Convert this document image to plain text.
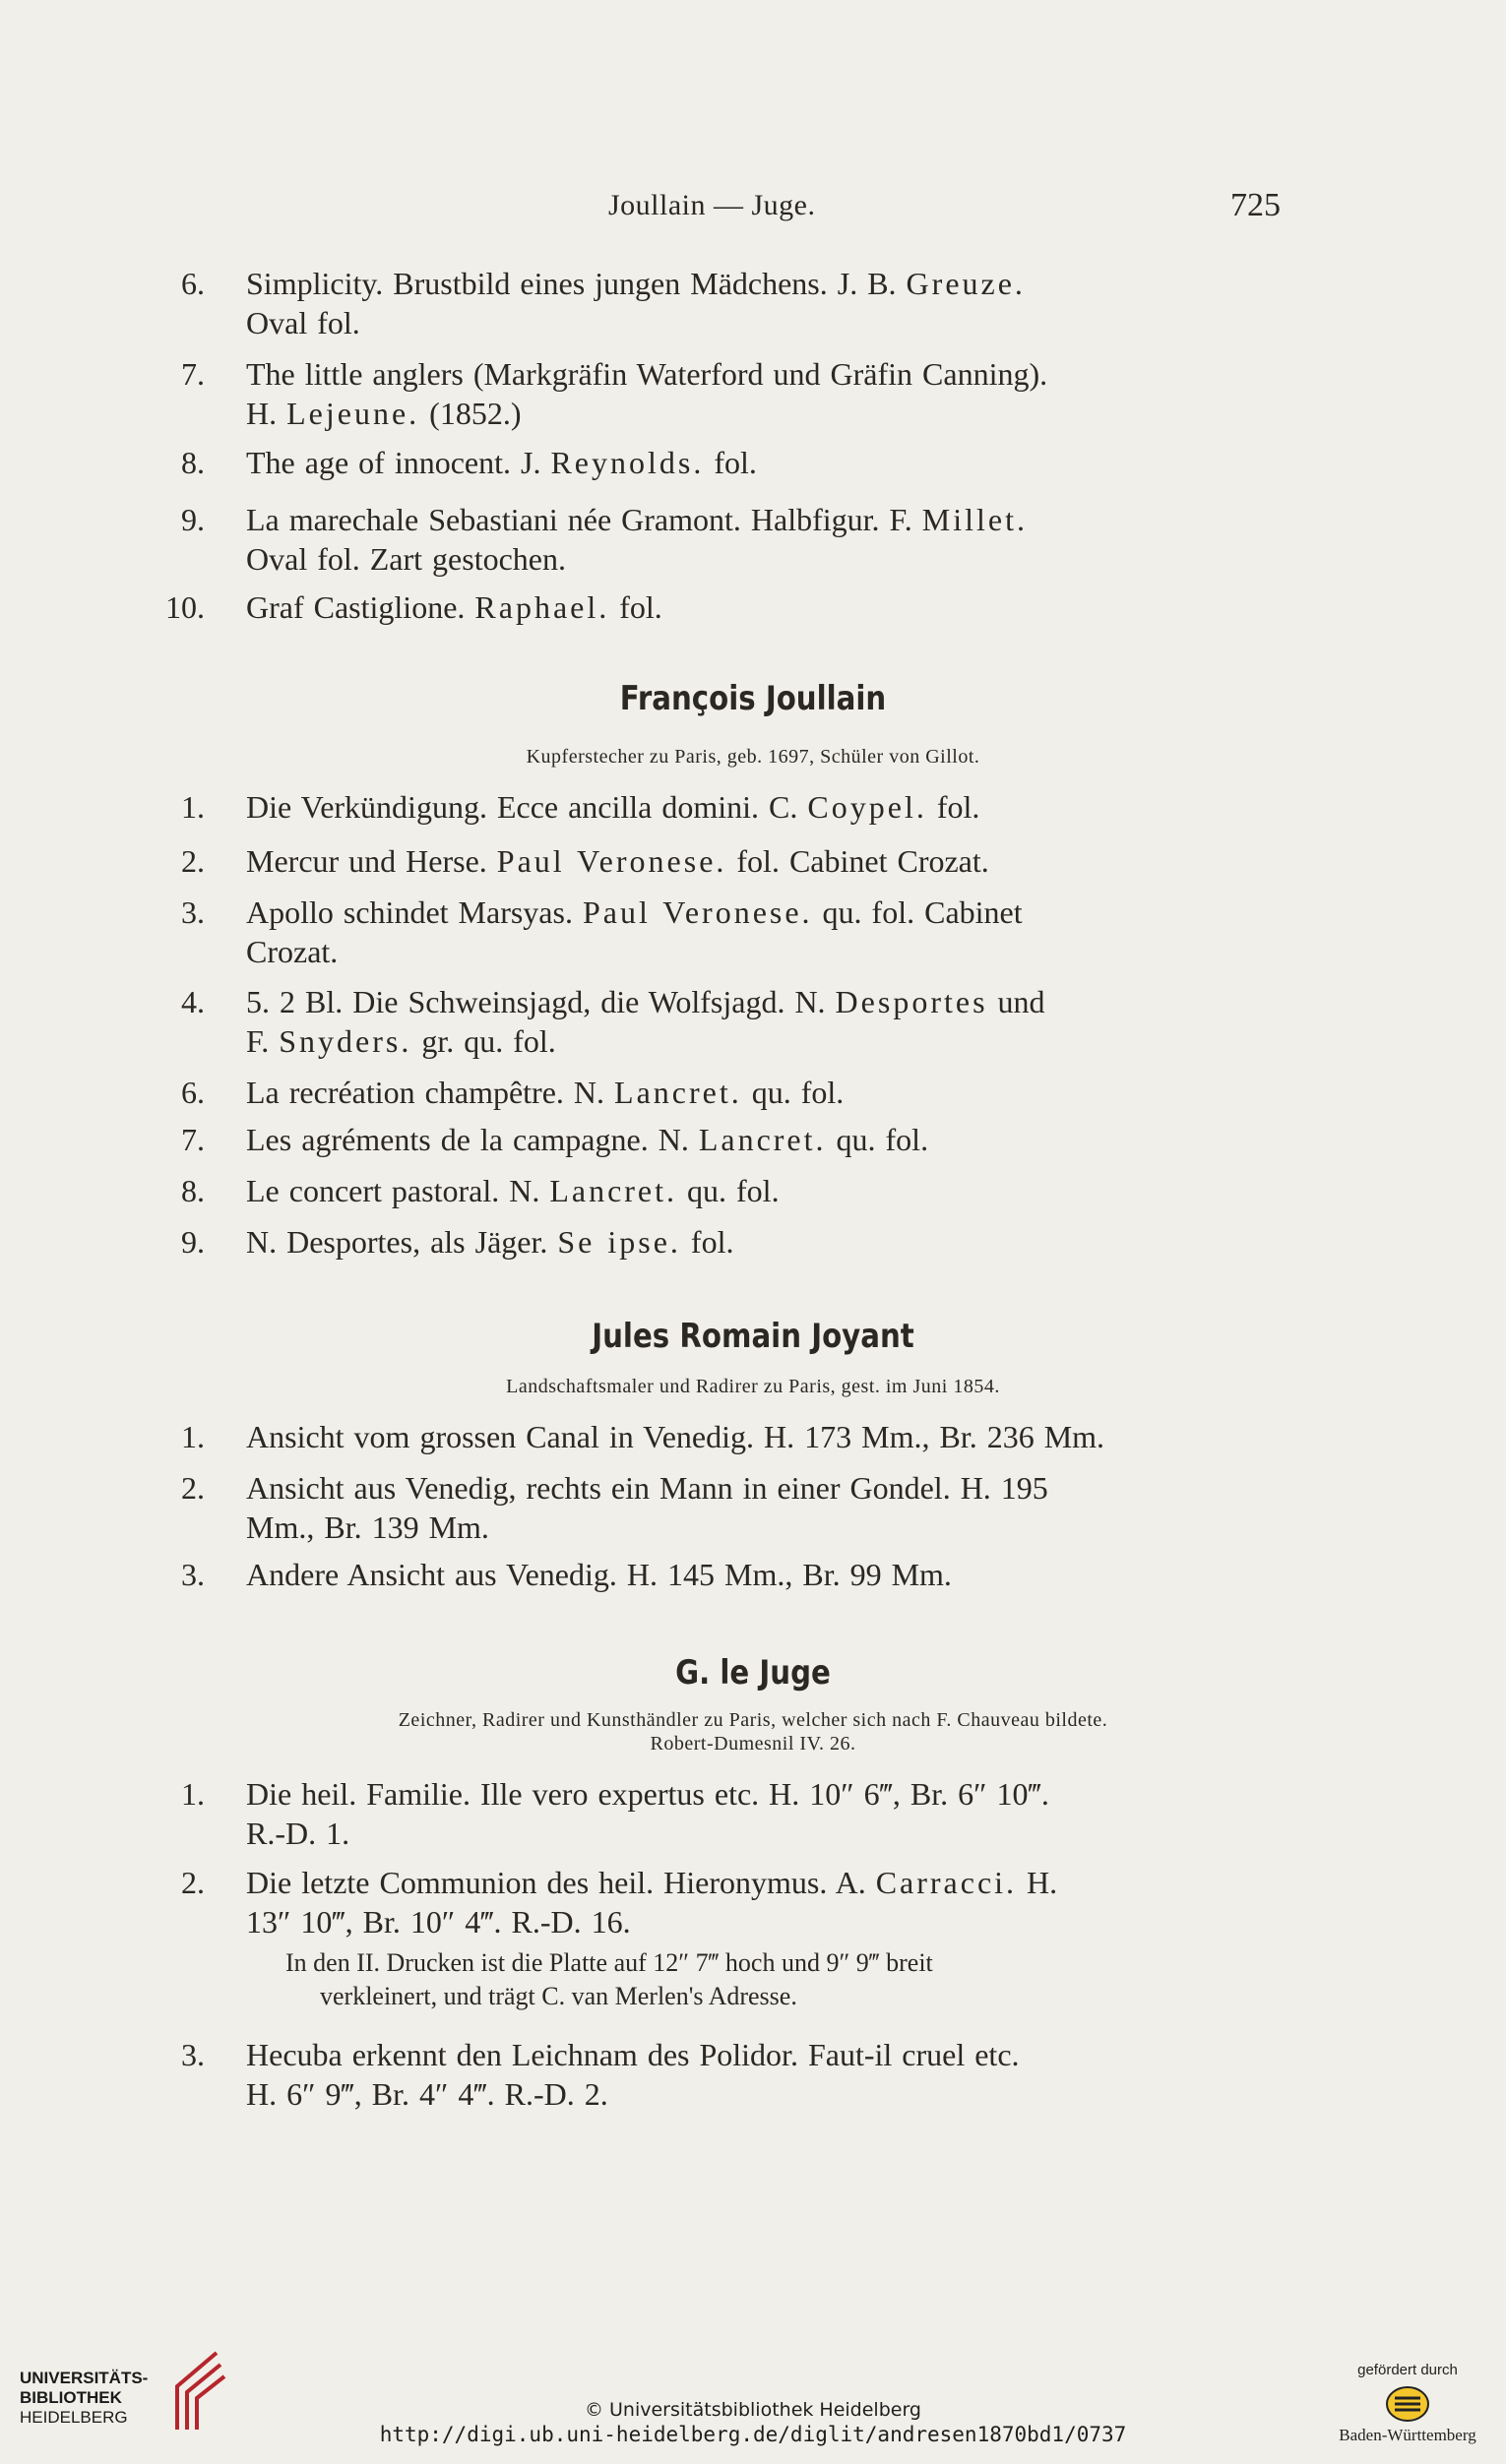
Joullain — Juge.	725
6. Simplicity. Brustbild eines jungen Mädchens. J. B. Greuze.
Oval fol.
7. The little anglers (Markgräfin Waterford und Gräfin Canning).
H. Lejeune. (1852.)
8. The age of innocent. J. Reynolds. fol.
9. La marechale Sebastiani née Gramont. Halbfigur. F. Millet.
Oval fol. Zart gestochen.
10. Graf Castiglione. Raphael. fol.
François Joullain
Kupferstecher zu Paris, geb. 1697, Schüler von Gillot.
1. Die Verkündigung. Ecce ancilla domini. C. Coypel. fol.
2. Mercur und Herse. Paul Veronese. fol. Cabinet Crozat.
3. Apollo schindet Marsyas. Paul Veronese. qu. fol. Cabinet
Crozat.
4. 5. 2 Bl. Die Schweinsjagd, die Wolfsjagd. N. Desportes und
F. Snyders. gr. qu. fol.
6. La recréation champêtre. N. Lancret. qu. fol.
7. Les agréments de la campagne. N. Lancret. qu. fol.
8. Le concert pastoral. N. Lancret. qu. fol.
9. N. Desportes, als Jäger. Se ipse. fol.
Jules Romain Joyant
Landschaftsmaler und Radirer zu Paris, gest. im Juni 1854.
1. Ansicht vom grossen Canal in Venedig. H. 173 Mm., Br. 236 Mm.
2. Ansicht aus Venedig, rechts ein Mann in einer Gondel. H. 195
Mm., Br. 139 Mm.
3. Andere Ansicht aus Venedig. H. 145 Mm., Br. 99 Mm.
G. le Juge
Zeichner, Radirer und Kunsthändler zu Paris, welcher sich nach F. Chauveau bildete.
Robert-Dumesnil IV. 26.
1. Die heil. Familie. Ille vero expertus etc. H. 10″ 6‴, Br. 6″ 10‴.
R.-D. 1.
2. Die letzte Communion des heil. Hieronymus. A. Carracci. H.
13″ 10‴, Br. 10″ 4‴. R.-D. 16.
3. Hecuba erkennt den Leichnam des Polidor. Faut-il cruel etc.
H. 6″ 9‴, Br. 4″ 4‴. R.-D. 2.
In den II. Drucken ist die Platte auf 12″ 7‴ hoch und 9″ 9‴ breit
verkleinert, und trägt C. van Merlen's Adresse.
UNIVERSITÄTS-
BIBLIOTHEK
HEIDELBERG	© Universitätsbibliothek Heidelberg
http://digi.ub.uni-heidelberg.de/diglit/andresen1870bd1/0737
gefördert durch
Baden-Württemberg
